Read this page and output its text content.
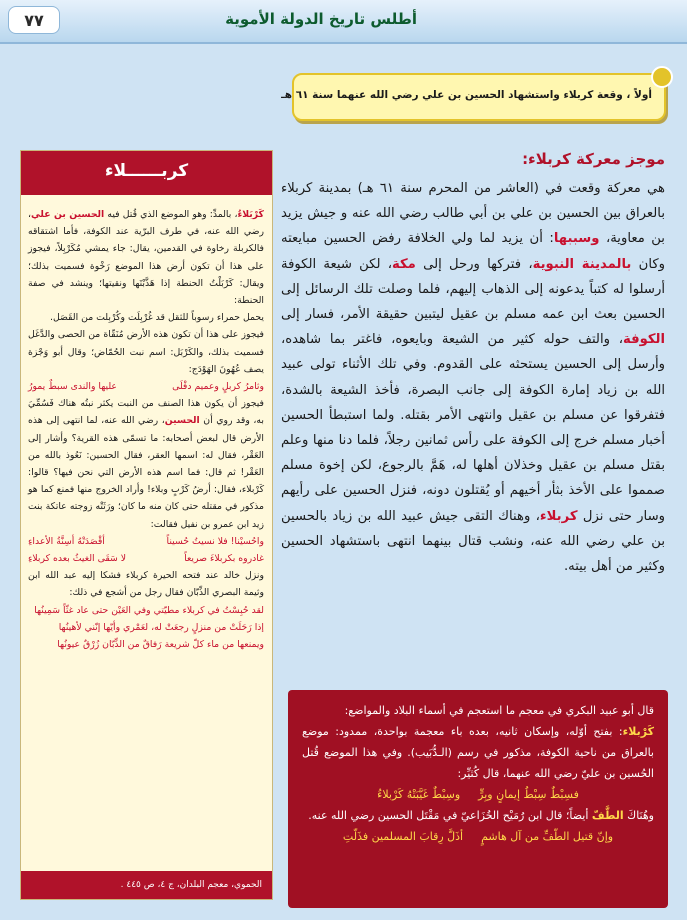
أطلس تاريخ الدولة الأموية
٧٧
أولاً ، وقعة كربلاء واستشهاد الحسين بن علي رضي الله عنهما سنة ٦١ هـ
موجز معركة كربلاء:

هي معركة وقعت في (العاشر من المحرم سنة ٦١ هـ) بمدينة كربلاء بالعراق بين الحسين بن علي بن أبي طالب رضي الله عنه و جيش يزيد بن معاوية، وسببها: أن يزيد لما ولي الخلافة رفض الحسين مبايعته وكان بالمدينة النبوية، فتركها ورحل إلى مكة، لكن شيعة الكوفة أرسلوا له كتباً يدعونه إلى الذهاب إليهم، فلما وصلت تلك الرسائل إلى الحسين بعث ابن عمه مسلم بن عقيل ليتبين حقيقة الأمر، فسار إلى الكوفة، والتف حوله كثير من الشيعة وبايعوه، فاغتر بما شاهده، وأرسل إلى الحسين يستحثه على القدوم. وفي تلك الأثناء تولى عبيد الله بن زياد إمارة الكوفة إلى جانب البصرة، فأخذ الشيعة بالشدة، فتفرقوا عن مسلم بن عقيل وانتهى الأمر بقتله. ولما استبطأ الحسين أخبار مسلم خرج إلى الكوفة على رأس ثمانين رجلاً، فلما دنا منها وعلم بقتل مسلم بن عقيل وخذلان أهلها له، هَمَّ بالرجوع، لكن إخوة مسلم صمموا على الأخذ بثأر أخيهم أو يُقتلون دونه، فنزل الحسين على رأيهم وسار حتى نزل كربلاء، وهناك التقى جيش عبيد الله بن زياد بالحسين بن علي رضي الله عنه، ونشب قتال بينهما انتهى باستشهاد الحسين وكثير من أهل بيته.

قال أبو عبيد البكري في معجم ما استعجم في أسماء البلاد والمواضع:
كَرْبلاء: بفتح أوّله، وإسكان ثانيه، بعده باء معجمة بواحدة، ممدود: موضع بالعراق من ناحية الكوفة، مذكور في رسم (الـدُّبَيب). وفي هذا الموضع قُتل الحُسين بن عليّ رضي الله عنهما، قال كُثيِّر:
فسِبْطٌ سِبْطُ إيمانٍ وبِرٍّ
وسِبْطٌ غَيَّبَتْهُ كَرْبلاءُ
وهُنَاكَ الطَّفّ أيضاً؛ قال ابن رُمَيْح الخُزَاعيّ في مَقْتَل الحسين رضي الله عنه.
وإنّ قتيل الطّفِّ من آل هاشمٍ
أذَلَّ رِقابَ المسلمين فذَلّتِ
كربــــــلاء
كَرْبَلاءُ، بالمدِّ: وهو الموضع الذي قُتل فيه الحسين بن علي، رضي الله عنه، في طرف البرّية عند الكوفة، فأما اشتقاقه فالكربلة رخاوة في القدمين، يقال: جاء يمشي مُكَرْبِلاً، فيجوز على هذا أن تكون أرض هذا الموضع رَخْوة فسميت بذلك؛ ويقال: كَرْبَلْتُ الحنطة إذا هَذَّبْتَها ونقيتها؛ وينشد في صفة الحنطة:
يحمل حمراء رسوباً للثقل قد غُرْبِلَت وكُرْبِلت من القَصَل.
فيجوز على هذا أن تكون هذه الأرض مُنَقّاة من الحصى والدَّغَل فسميت بذلك، والكَرْبَل: اسم نبت الحُمّاض؛ وقال أبو وَجْزة يصف عُهُونَ الهَوْدَج:
وثامرُ كربلٍ وعميم دفْلَى
عليها والندى سبطٌ يمورُ
فيجوز أن يكون هذا الصنف من النبت يكثر نبتُه هناك فَسُمِّيَ به، وقد روي أن الحسين، رضي الله عنه، لما انتهى إلى هذه الأرض قال لبعض أصحابه: ما تسمّى هذه القرية؟ وأشار إلى العَقْر، فقال له: اسمها العقر، فقال الحسين: نَعُوذ بالله من العَقْر! ثم قال: فما اسم هذه الأرض التي نحن فيها؟ قالوا: كَرْبلاء، فقال: أرضُ كَرْبٍ وبلاء! وأراد الخروج منها فمنع كما هو مذكور في مقتله حتى كان منه ما كان؛ ورَثَتْه زوجته عاتكة بنت زيد ابن عمرو بن نفيل فقالت:
واحُسيْنا! فلا نسيتُ حُسيناً
أقْصَدَتْهُ أسِنَّةُ الأعداءِ
غادروه بكربلاءَ صريعاً
لا سَقَى الغيثُ بعده كربلاءِ
ونزل خالد عند فتحه الحيرة كربلاء فشكا إليه عبد الله ابن وثيمة البصري الذِّبّان فقال رجل من أشجع في ذلك:
لقد حُبِسْتُ في كربلاء مطيّتي وفي العَيْن حتى عاد غثّاً سَمِينُها
إذا رَحَلَتْ من منزلٍ رجعَتْ له، لعَمْري وأيّها إنّني لأهينُها
ويمنعها من ماء كلّ شريعة رَفاقٌ من الذِّبّان زُرْقٌ عيونُها
الحموي، معجم البلدان، ج ٤، ص ٤٤٥ .
